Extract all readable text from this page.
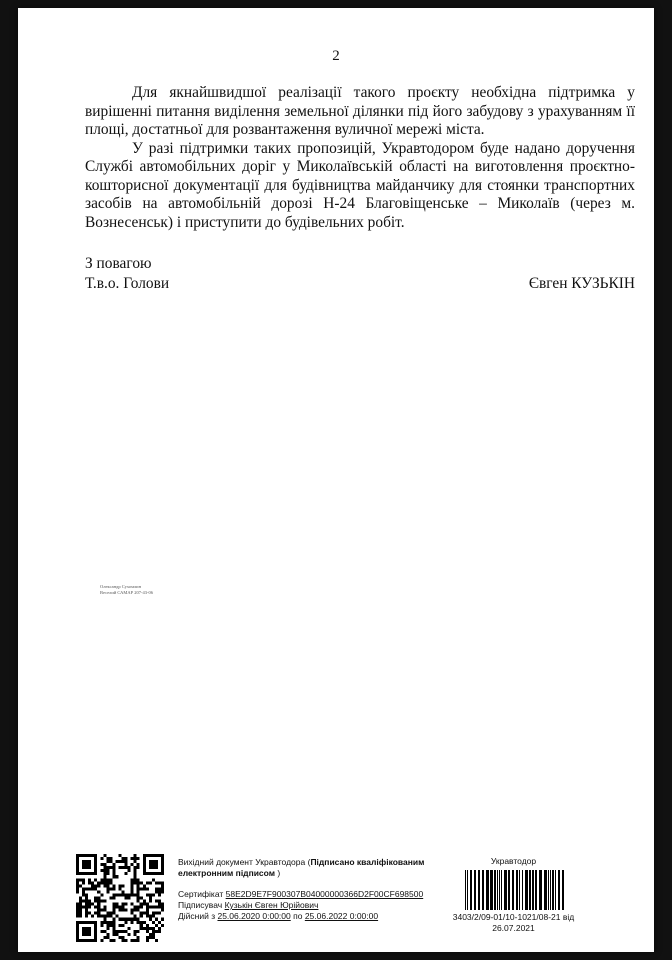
2

Для якнайшвидшої реалізації такого проєкту необхідна підтримка у вирішенні питання виділення земельної ділянки під його забудову з урахуванням її площі, достатньої для розвантаження вуличної мережі міста.

У разі підтримки таких пропозицій, Укравтодором буде надано доручення Службі автомобільних доріг у Миколаївській області на виготовлення проєктно-кошторисної документації для будівництва майданчику для стоянки транспортних засобів на автомобільній дорозі Н-24 Благовіщенське – Миколаїв (через м. Вознесенськ) і приступити до будівельних робіт.

З повагою
Т.в.о. Голови	Євген КУЗЬКІН
Олександр Сухомлин
Веселий САМАР 207-43-06
Вихідний документ Укравтодора (Підписано кваліфікованим електронним підписом )
Сертифікат 58E2D9E7F900307B04000000366D2F00CF698500
Підписувач Кузькін Євген Юрійович
Дійсний з 25.06.2020 0:00:00 по 25.06.2022 0:00:00
Укравтодор
3403/2/09-01/10-1021/08-21 від
26.07.2021
